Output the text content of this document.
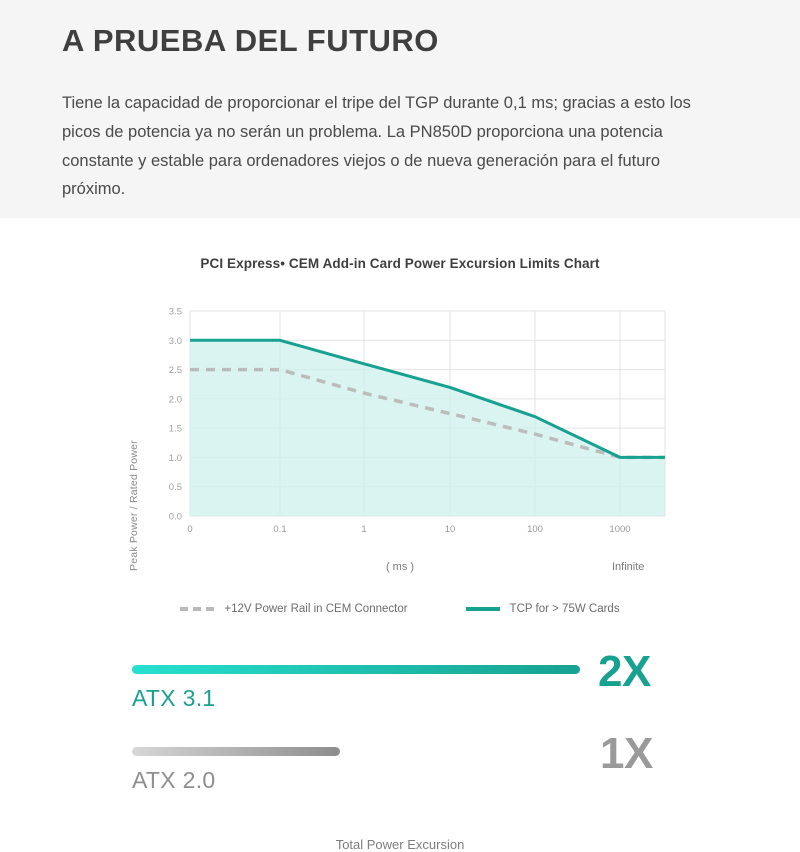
A PRUEBA DEL FUTURO

Tiene la capacidad de proporcionar el tripe del TGP durante 0,1 ms; gracias a esto los picos de potencia ya no serán un problema. La PN850D proporciona una potencia constante y estable para ordenadores viejos o de nueva generación para el futuro próximo.

PCI Express• CEM Add-in Card Power Excursion Limits Chart
Peak Power / Rated Power
3.5
3.0
2.5
2.0
1.5
1.0
0.5
0.0
0	0.1	1	10	100	1000
( ms )	Infinite
+12V Power Rail in CEM Connector	TCP for > 75W Cards
ATX 3.1
2X
ATX 2.0
1X
Total Power Excursion
